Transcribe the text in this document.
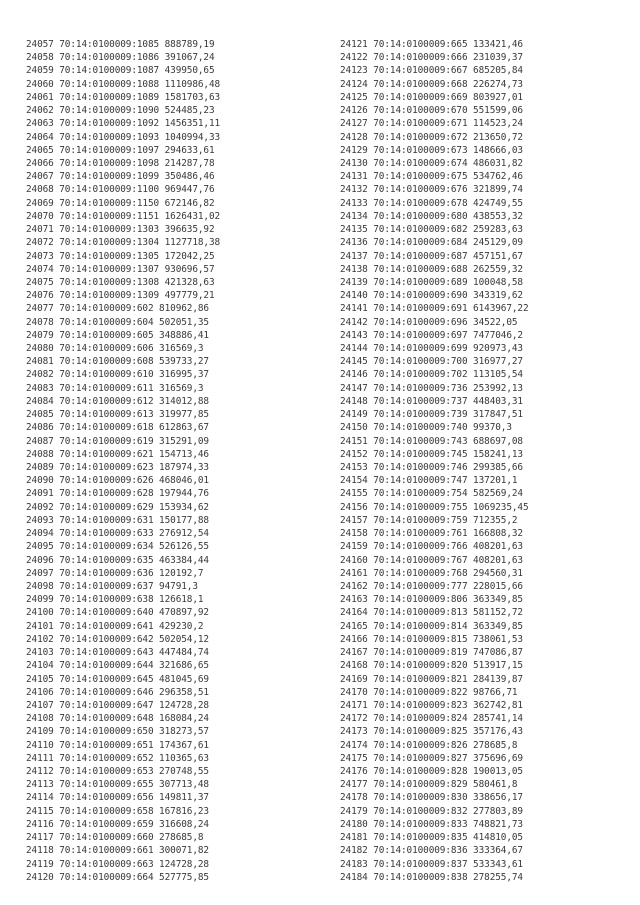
24057 70:14:0100009:1085 888789,19
24058 70:14:0100009:1086 391067,24
24059 70:14:0100009:1087 439950,65
24060 70:14:0100009:1088 1110986,48
24061 70:14:0100009:1089 1581703,63
24062 70:14:0100009:1090 524485,23
24063 70:14:0100009:1092 1456351,11
24064 70:14:0100009:1093 1040994,33
24065 70:14:0100009:1097 294633,61
24066 70:14:0100009:1098 214287,78
24067 70:14:0100009:1099 350486,46
24068 70:14:0100009:1100 969447,76
24069 70:14:0100009:1150 672146,82
24070 70:14:0100009:1151 1626431,02
24071 70:14:0100009:1303 396635,92
24072 70:14:0100009:1304 1127718,38
24073 70:14:0100009:1305 172042,25
24074 70:14:0100009:1307 930696,57
24075 70:14:0100009:1308 421328,63
24076 70:14:0100009:1309 497779,21
24077 70:14:0100009:602 810962,86
24078 70:14:0100009:604 502051,35
24079 70:14:0100009:605 348886,41
24080 70:14:0100009:606 316569,3
24081 70:14:0100009:608 539733,27
24082 70:14:0100009:610 316995,37
24083 70:14:0100009:611 316569,3
24084 70:14:0100009:612 314012,88
24085 70:14:0100009:613 319977,85
24086 70:14:0100009:618 612863,67
24087 70:14:0100009:619 315291,09
24088 70:14:0100009:621 154713,46
24089 70:14:0100009:623 187974,33
24090 70:14:0100009:626 468046,01
24091 70:14:0100009:628 197944,76
24092 70:14:0100009:629 153934,62
24093 70:14:0100009:631 150177,88
24094 70:14:0100009:633 276912,54
24095 70:14:0100009:634 526126,55
24096 70:14:0100009:635 463384,44
24097 70:14:0100009:636 120192,7
24098 70:14:0100009:637 94791,3
24099 70:14:0100009:638 126618,1
24100 70:14:0100009:640 470897,92
24101 70:14:0100009:641 429230,2
24102 70:14:0100009:642 502054,12
24103 70:14:0100009:643 447484,74
24104 70:14:0100009:644 321686,65
24105 70:14:0100009:645 481045,69
24106 70:14:0100009:646 296358,51
24107 70:14:0100009:647 124728,28
24108 70:14:0100009:648 168084,24
24109 70:14:0100009:650 318273,57
24110 70:14:0100009:651 174367,61
24111 70:14:0100009:652 110365,63
24112 70:14:0100009:653 270748,55
24113 70:14:0100009:655 307713,48
24114 70:14:0100009:656 149811,37
24115 70:14:0100009:658 167816,23
24116 70:14:0100009:659 316608,24
24117 70:14:0100009:660 278685,8
24118 70:14:0100009:661 300071,82
24119 70:14:0100009:663 124728,28
24120 70:14:0100009:664 527775,85
24121 70:14:0100009:665 133421,46
24122 70:14:0100009:666 231039,37
24123 70:14:0100009:667 685205,84
24124 70:14:0100009:668 226274,73
24125 70:14:0100009:669 803927,01
24126 70:14:0100009:670 551599,06
24127 70:14:0100009:671 114523,24
24128 70:14:0100009:672 213650,72
24129 70:14:0100009:673 148666,03
24130 70:14:0100009:674 486031,82
24131 70:14:0100009:675 534762,46
24132 70:14:0100009:676 321899,74
24133 70:14:0100009:678 424749,55
24134 70:14:0100009:680 438553,32
24135 70:14:0100009:682 259283,63
24136 70:14:0100009:684 245129,09
24137 70:14:0100009:687 457151,67
24138 70:14:0100009:688 262559,32
24139 70:14:0100009:689 100048,58
24140 70:14:0100009:690 343319,62
24141 70:14:0100009:691 6143967,22
24142 70:14:0100009:696 34522,05
24143 70:14:0100009:697 7477046,2
24144 70:14:0100009:699 920973,43
24145 70:14:0100009:700 316977,27
24146 70:14:0100009:702 113105,54
24147 70:14:0100009:736 253992,13
24148 70:14:0100009:737 448403,31
24149 70:14:0100009:739 317847,51
24150 70:14:0100009:740 99370,3
24151 70:14:0100009:743 688697,08
24152 70:14:0100009:745 158241,13
24153 70:14:0100009:746 299385,66
24154 70:14:0100009:747 137201,1
24155 70:14:0100009:754 582569,24
24156 70:14:0100009:755 1069235,45
24157 70:14:0100009:759 712355,2
24158 70:14:0100009:761 166808,32
24159 70:14:0100009:766 408201,63
24160 70:14:0100009:767 408201,63
24161 70:14:0100009:768 294560,31
24162 70:14:0100009:777 228015,66
24163 70:14:0100009:806 363349,85
24164 70:14:0100009:813 581152,72
24165 70:14:0100009:814 363349,85
24166 70:14:0100009:815 738061,53
24167 70:14:0100009:819 747086,87
24168 70:14:0100009:820 513917,15
24169 70:14:0100009:821 284139,87
24170 70:14:0100009:822 98766,71
24171 70:14:0100009:823 362742,81
24172 70:14:0100009:824 285741,14
24173 70:14:0100009:825 357176,43
24174 70:14:0100009:826 278685,8
24175 70:14:0100009:827 375696,69
24176 70:14:0100009:828 190013,05
24177 70:14:0100009:829 580461,8
24178 70:14:0100009:830 338656,17
24179 70:14:0100009:832 277803,89
24180 70:14:0100009:833 748821,73
24181 70:14:0100009:835 414810,05
24182 70:14:0100009:836 333364,67
24183 70:14:0100009:837 533343,61
24184 70:14:0100009:838 278255,74
